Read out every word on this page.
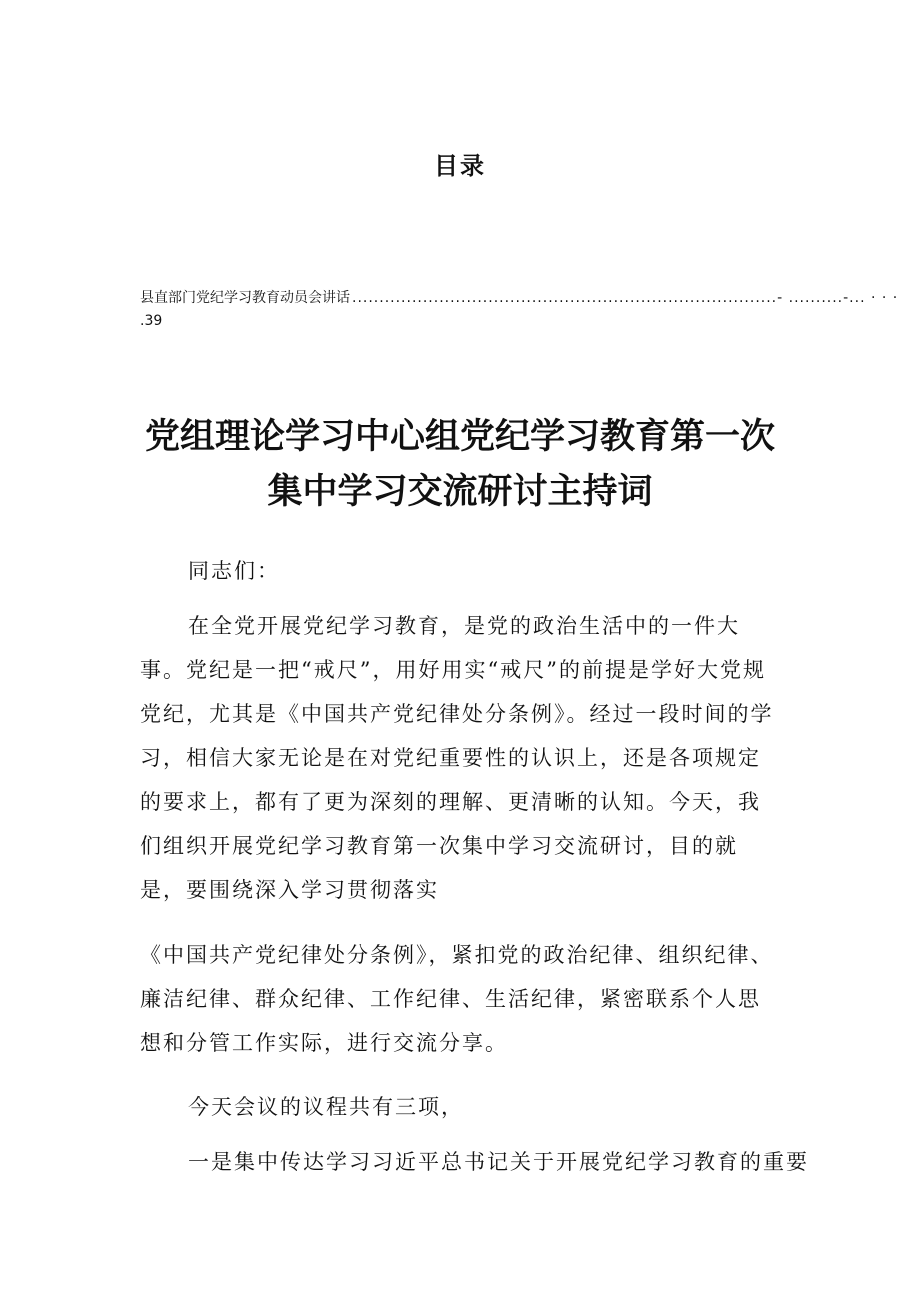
目录
县直部门党纪学习教育动员会讲话 ..............................................................................- ..........-... · · ·
.39
党组理论学习中心组党纪学习教育第一次
集中学习交流研讨主持词

同志们：

在全党开展党纪学习教育，是党的政治生活中的一件大事。党纪是一把“戒尺”，用好用实“戒尺”的前提是学好大党规党纪，尤其是《中国共产党纪律处分条例》。经过一段时间的学习，相信大家无论是在对党纪重要性的认识上，还是各项规定的要求上，都有了更为深刻的理解、更清晰的认知。今天，我们组织开展党纪学习教育第一次集中学习交流研讨，目的就是，要围绕深入学习贯彻落实

《中国共产党纪律处分条例》，紧扣党的政治纪律、组织纪律、廉洁纪律、群众纪律、工作纪律、生活纪律，紧密联系个人思想和分管工作实际，进行交流分享。

今天会议的议程共有三项，

一是集中传达学习习近平总书记关于开展党纪学习教育的重要
